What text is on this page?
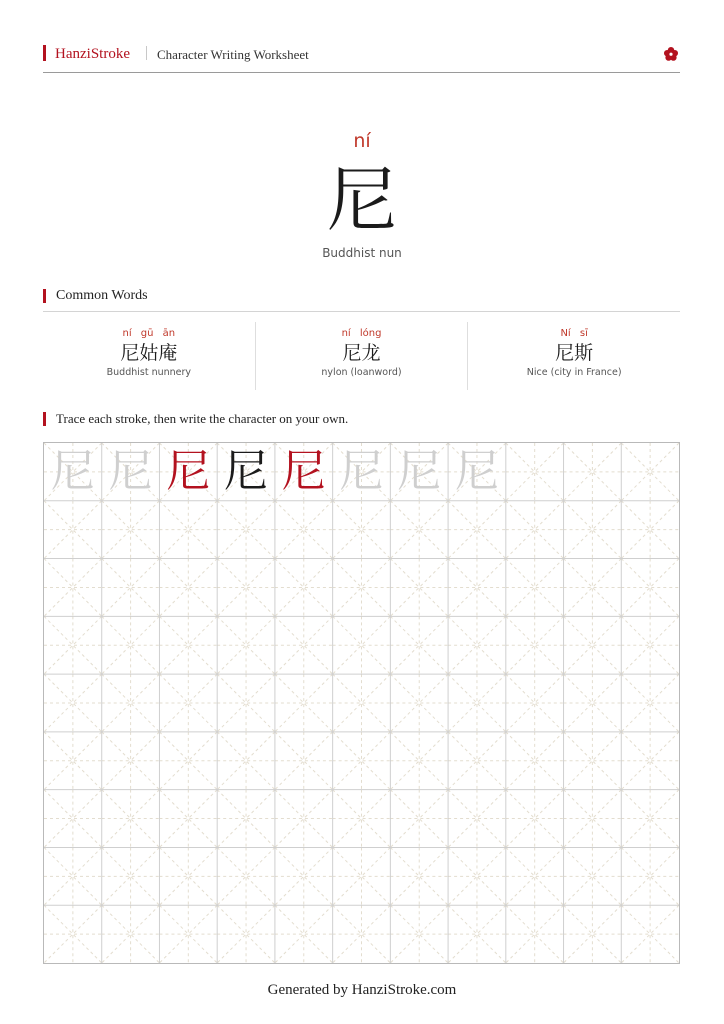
HanziStroke Character Writing Worksheet
ní
尼
Buddhist nun
Common Words
ní gū ān
尼姑庵
Buddhist nunnery
ní lóng
尼龙
nylon (loanword)
Ní sī
尼斯
Nice (city in France)
Trace each stroke, then write the character on your own.
尼 尼 尼 尼 尼 尼 尼 尼
Generated by HanziStroke.com
